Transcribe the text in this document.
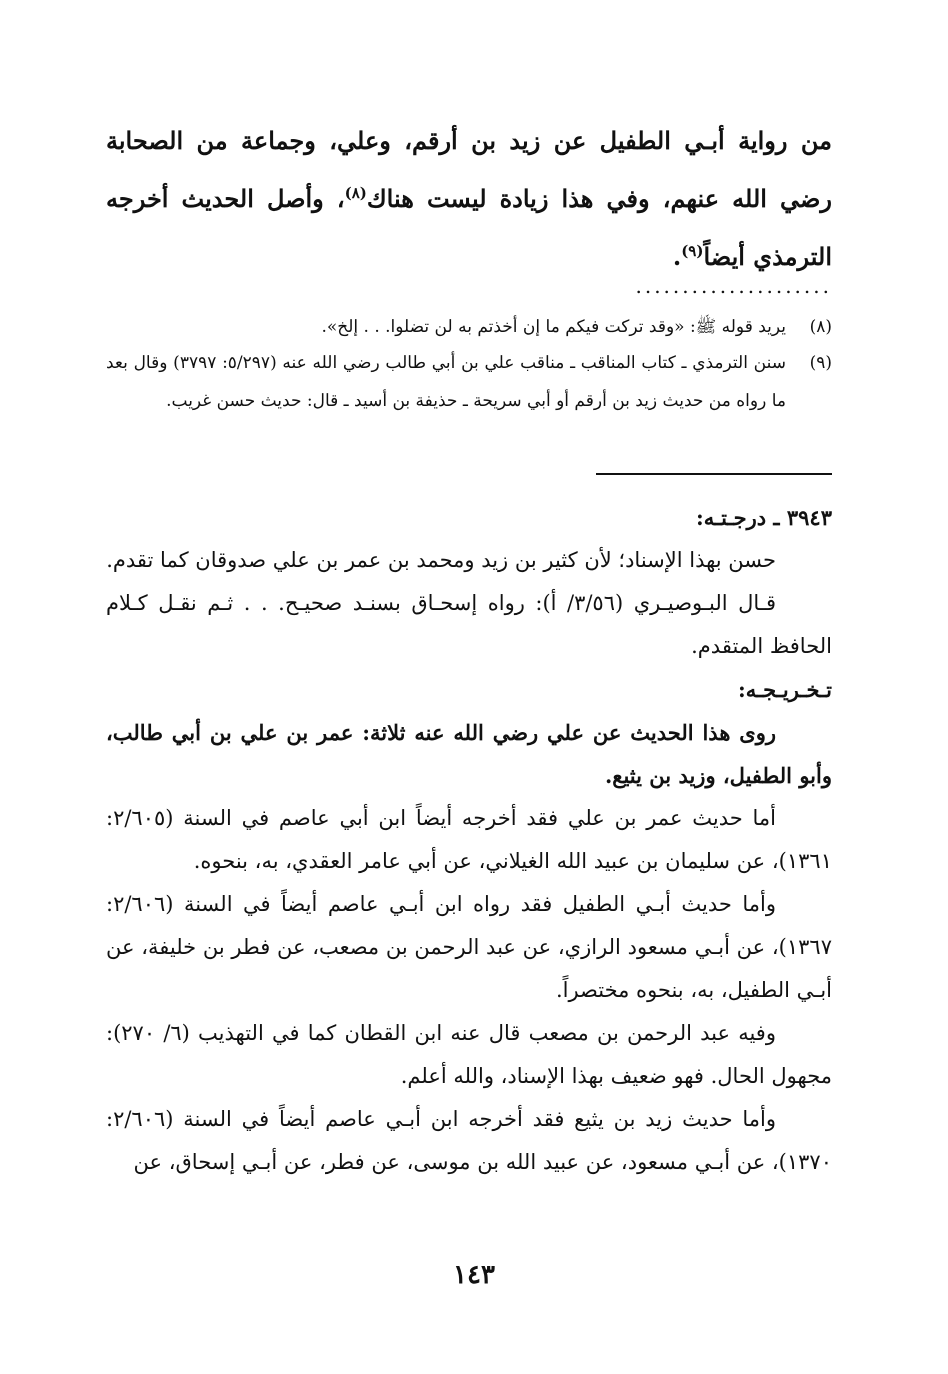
من رواية أبـي الطفيل عن زيد بن أرقم، وعلي، وجماعة من الصحابة رضي الله عنهم، وفي هذا زيادة ليست هناك$^{(٨)}$، وأصل الحديث أخرجه الترمذي أيضاً$^{(٩)}$.
.....................
(٨)
يريد قوله ﷺ: «وقد تركت فيكم ما إن أخذتم به لن تضلوا. . . إلخ».
(٩)
سنن الترمذي ـ كتاب المناقب ـ مناقب علي بن أبي طالب رضي الله عنه (٥/٢٩٧: ٣٧٩٧) وقال بعد ما رواه من حديث زيد بن أرقم أو أبي سريحة ـ حذيفة بن أسيد ـ قال: حديث حسن غريب.

٣٩٤٣ ـ درجـتـه:

حسن بهذا الإسناد؛ لأن كثير بن زيد ومحمد بن عمر بن علي صدوقان كما تقدم.

قـال البـوصيـري (٣/٥٦/ أ): رواه إسحـاق بسنـد صحيـح. . . ثـم نقـل كـلام الحافظ المتقدم.

تـخـريـجـه:

روى هذا الحديث عن علي رضي الله عنه ثلاثة: عمر بن علي بن أبي طالب، وأبو الطفيل، وزيد بن يثيع.

أما حديث عمر بن علي فقد أخرجه أيضاً ابن أبي عاصم في السنة (٢/٦٠٥: ١٣٦١)، عن سليمان بن عبيد الله الغيلاني، عن أبي عامر العقدي، به، بنحوه.

وأما حديث أبـي الطفيل فقد رواه ابن أبـي عاصم أيضاً في السنة (٢/٦٠٦: ١٣٦٧)، عن أبـي مسعود الرازي، عن عبد الرحمن بن مصعب، عن فطر بن خليفة، عن أبـي الطفيل، به، بنحوه مختصراً.

وفيه عبد الرحمن بن مصعب قال عنه ابن القطان كما في التهذيب (٦/ ٢٧٠): مجهول الحال. فهو ضعيف بهذا الإسناد، والله أعلم.

وأما حديث زيد بن يثيع فقد أخرجه ابن أبـي عاصم أيضاً في السنة (٢/٦٠٦: ١٣٧٠)، عن أبـي مسعود، عن عبيد الله بن موسى، عن فطر، عن أبـي إسحاق، عن

١٤٣
